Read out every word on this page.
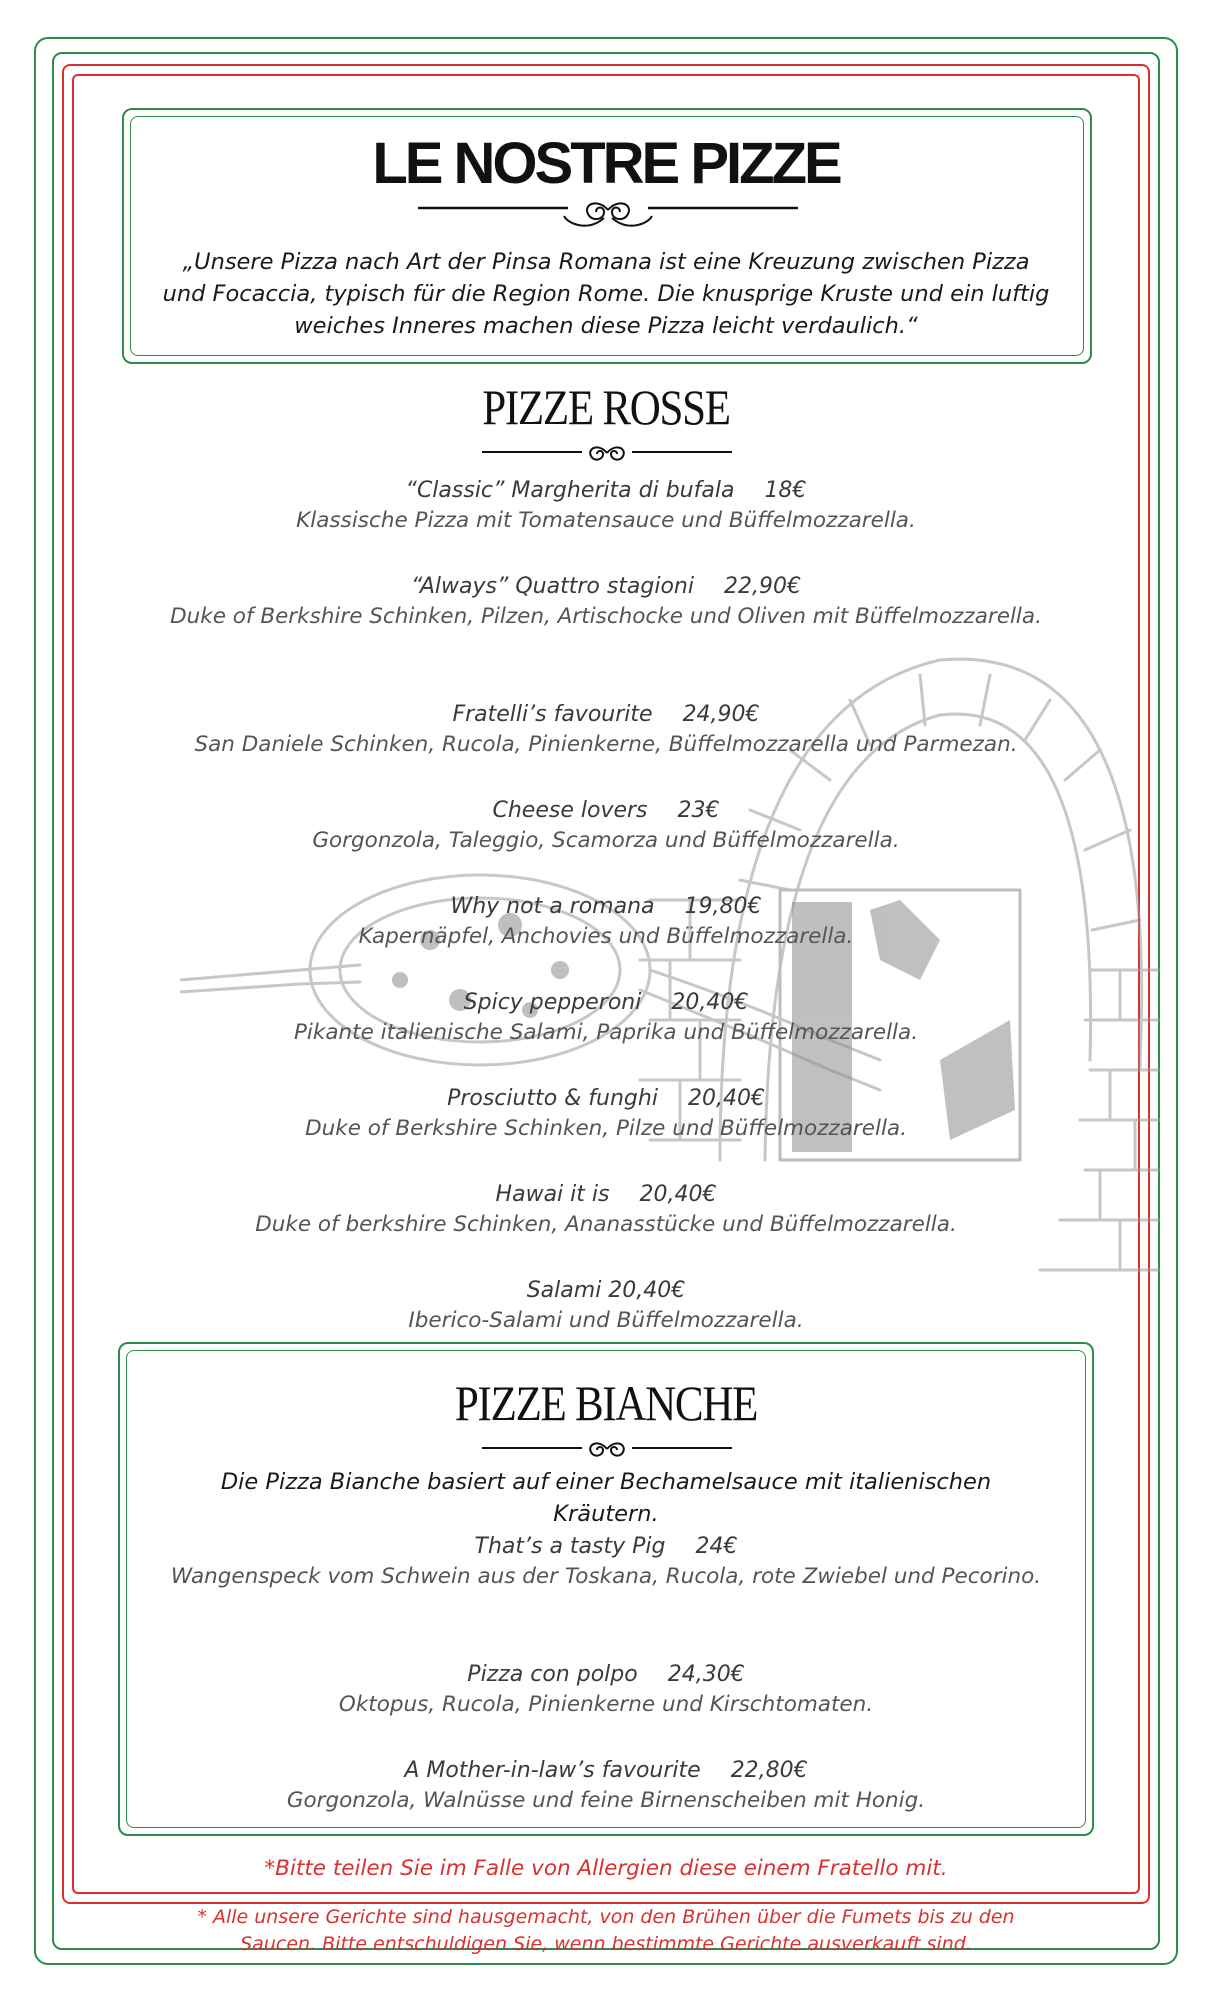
LE NOSTRE PIZZE
„Unsere Pizza nach Art der Pinsa Romana ist eine Kreuzung zwischen Pizza und Focaccia, typisch für die Region Rome. Die knusprige Kruste und ein luftig weiches Inneres machen diese Pizza leicht verdaulich.“
PIZZE ROSSE
“Classic” Margherita di bufala 18€
Klassische Pizza mit Tomatensauce und Büffelmozzarella.
“Always” Quattro stagioni 22,90€
Duke of Berkshire Schinken, Pilzen, Artischocke und Oliven mit Büffelmozzarella.
Fratelli’s favourite 24,90€
San Daniele Schinken, Rucola, Pinienkerne, Büffelmozzarella und Parmezan.
Cheese lovers 23€
Gorgonzola, Taleggio, Scamorza und Büffelmozzarella.
Why not a romana 19,80€
Kapernäpfel, Anchovies und Büffelmozzarella.
Spicy pepperoni 20,40€
Pikante italienische Salami, Paprika und Büffelmozzarella.
Prosciutto & funghi 20,40€
Duke of Berkshire Schinken, Pilze und Büffelmozzarella.
Hawai it is 20,40€
Duke of berkshire Schinken, Ananasstücke und Büffelmozzarella.
Salami 20,40€
Iberico-Salami und Büffelmozzarella.
PIZZE BIANCHE
Die Pizza Bianche basiert auf einer Bechamelsauce mit italienischen Kräutern.
That’s a tasty Pig 24€
Wangenspeck vom Schwein aus der Toskana, Rucola, rote Zwiebel und Pecorino.
Pizza con polpo 24,30€
Oktopus, Rucola, Pinienkerne und Kirschtomaten.
A Mother-in-law’s favourite 22,80€
Gorgonzola, Walnüsse und feine Birnenscheiben mit Honig.
*Bitte teilen Sie im Falle von Allergien diese einem Fratello mit.
* Alle unsere Gerichte sind hausgemacht, von den Brühen über die Fumets bis zu den Saucen. Bitte entschuldigen Sie, wenn bestimmte Gerichte ausverkauft sind.
